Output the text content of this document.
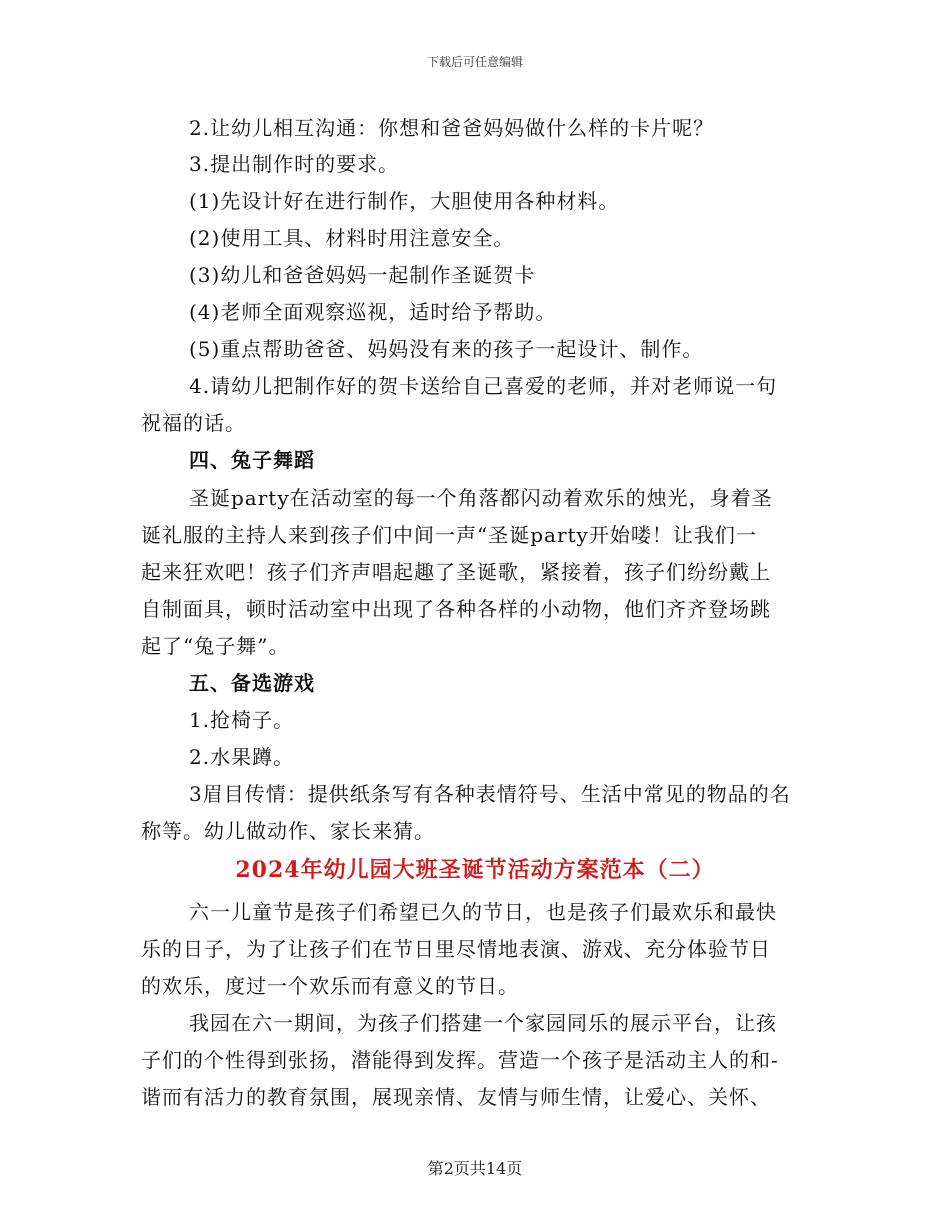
下载后可任意编辑
2.让幼儿相互沟通：你想和爸爸妈妈做什么样的卡片呢？
3.提出制作时的要求。
(1)先设计好在进行制作，大胆使用各种材料。
(2)使用工具、材料时用注意安全。
(3)幼儿和爸爸妈妈一起制作圣诞贺卡
(4)老师全面观察巡视，适时给予帮助。
(5)重点帮助爸爸、妈妈没有来的孩子一起设计、制作。
4.请幼儿把制作好的贺卡送给自己喜爱的老师，并对老师说一句
祝福的话。
四、兔子舞蹈
圣诞party在活动室的每一个角落都闪动着欢乐的烛光，身着圣
诞礼服的主持人来到孩子们中间一声“圣诞party开始喽！让我们一
起来狂欢吧！孩子们齐声唱起趣了圣诞歌，紧接着，孩子们纷纷戴上
自制面具，顿时活动室中出现了各种各样的小动物，他们齐齐登场跳
起了“兔子舞”。
五、备选游戏
1.抢椅子。
2.水果蹲。
3眉目传情：提供纸条写有各种表情符号、生活中常见的物品的名
称等。幼儿做动作、家长来猜。
2024年幼儿园大班圣诞节活动方案范本（二）
六一儿童节是孩子们希望已久的节日，也是孩子们最欢乐和最快
乐的日子，为了让孩子们在节日里尽情地表演、游戏、充分体验节日
的欢乐，度过一个欢乐而有意义的节日。
我园在六一期间，为孩子们搭建一个家园同乐的展示平台，让孩
子们的个性得到张扬，潜能得到发挥。营造一个孩子是活动主人的和-
谐而有活力的教育氛围，展现亲情、友情与师生情，让爱心、关怀、
第2页共14页
